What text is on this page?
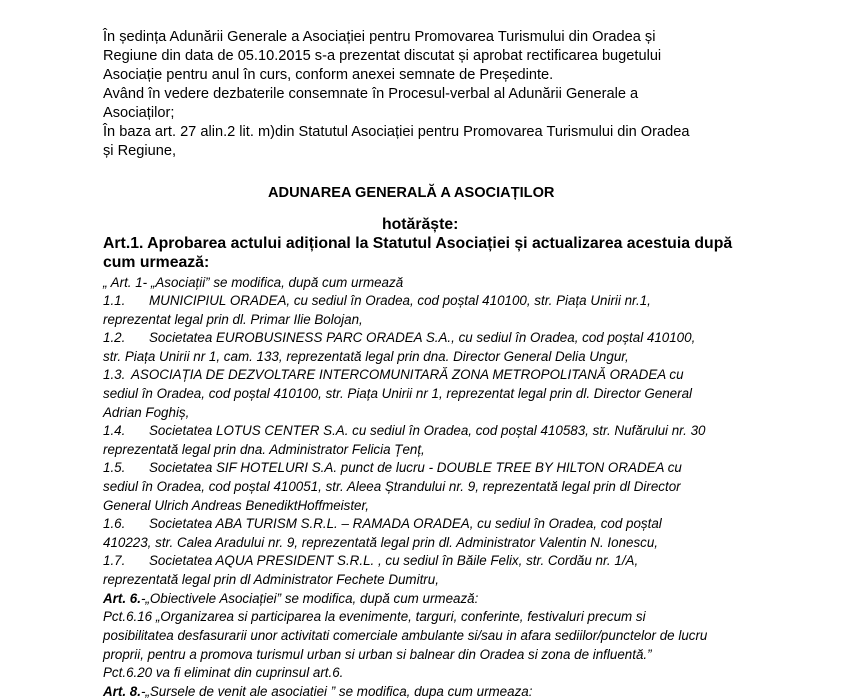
În ședința Adunării Generale a Asociației pentru Promovarea Turismului din Oradea și
Regiune din data de 05.10.2015 s-a prezentat discutat și aprobat rectificarea bugetului
Asociație pentru anul în curs, conform anexei semnate de Președinte.
Având în vedere dezbaterile consemnate în Procesul-verbal al Adunării Generale a
Asociaților;
În baza art. 27 alin.2 lit. m)din Statutul Asociației pentru Promovarea Turismului din Oradea
și Regiune,
ADUNAREA GENERALĂ A ASOCIAȚILOR
hotărăște:
Art.1. Aprobarea actului adițional la Statutul Asociației și actualizarea acestuia după
cum urmează:
„ Art. 1- „Asociații” se modifica, după cum urmează
1.1. MUNICIPIUL ORADEA, cu sediul în Oradea, cod poștal 410100, str. Piața Unirii nr.1,
reprezentat legal prin dl. Primar Ilie Bolojan,
1.2. Societatea EUROBUSINESS PARC ORADEA S.A., cu sediul în Oradea, cod poștal 410100,
str. Piața Unirii nr 1, cam. 133, reprezentată legal prin dna. Director General Delia Ungur,
1.3. ASOCIAȚIA DE DEZVOLTARE INTERCOMUNITARĂ ZONA METROPOLITANĂ ORADEA cu
sediul în Oradea, cod poștal 410100, str. Piața Unirii nr 1, reprezentat legal prin dl. Director General
Adrian Foghiș,
1.4. Societatea LOTUS CENTER S.A. cu sediul în Oradea, cod poștal 410583, str. Nufărului nr. 30
reprezentată legal prin dna. Administrator Felicia Țenț,
1.5. Societatea SIF HOTELURI S.A. punct de lucru - DOUBLE TREE BY HILTON ORADEA cu
sediul în Oradea, cod poștal 410051, str. Aleea Ștrandului nr. 9, reprezentată legal prin dl Director
General Ulrich Andreas BenediktHoffmeister,
1.6. Societatea ABA TURISM S.R.L. – RAMADA ORADEA, cu sediul în Oradea, cod poștal
410223, str. Calea Aradului nr. 9, reprezentată legal prin dl. Administrator Valentin N. Ionescu,
1.7. Societatea AQUA PRESIDENT S.R.L. , cu sediul în Băile Felix, str. Cordău nr. 1/A,
reprezentată legal prin dl Administrator Fechete Dumitru,
Art. 6.-„Obiectivele Asociației” se modifica, după cum urmează:
Pct.6.16 „Organizarea si participarea la evenimente, targuri, conferinte, festivaluri precum si
posibilitatea desfasurarii unor activitati comerciale ambulante si/sau in afara sediilor/punctelor de lucru
proprii, pentru a promova turismul urban si urban si balnear din Oradea si zona de influentă.”
Pct.6.20 va fi eliminat din cuprinsul art.6.
Art. 8.-„Sursele de venit ale asociatiei ” se modifica, dupa cum urmeaza:
